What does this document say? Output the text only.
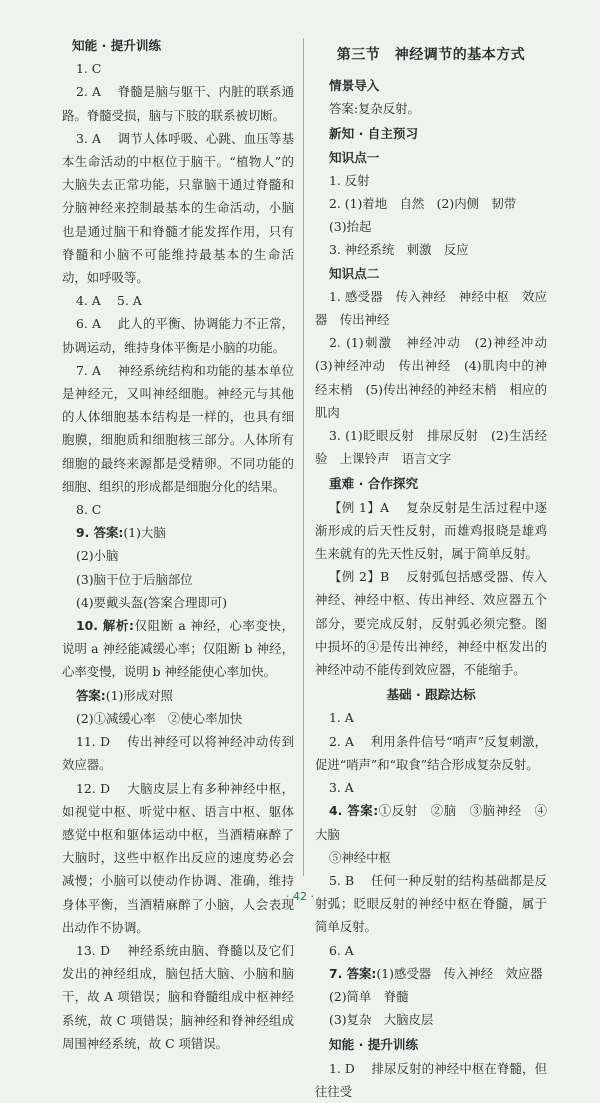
知能 · 提升训练

1. C

2. A 　脊髓是脑与躯干、内脏的联系通路。脊髓受损，脑与下肢的联系被切断。

3. A 　调节人体呼吸、心跳、血压等基本生命活动的中枢位于脑干。“植物人”的大脑失去正常功能，只靠脑干通过脊髓和分脑神经来控制最基本的生命活动，小脑也是通过脑干和脊髓才能发挥作用，只有脊髓和小脑不可能维持最基本的生命活动，如呼吸等。

4. A 　5. A

6. A 　此人的平衡、协调能力不正常，协调运动，维持身体平衡是小脑的功能。

7. A 　神经系统结构和功能的基本单位是神经元，又叫神经细胞。神经元与其他的人体细胞基本结构是一样的，也具有细胞膜，细胞质和细胞核三部分。人体所有细胞的最终来源都是受精卵。不同功能的细胞、组织的形成都是细胞分化的结果。

8. C

9. 答案:(1)大脑

(2)小脑

(3)脑干位于后脑部位

(4)要戴头盔(答案合理即可)

10. 解析:仅阻断 a 神经，心率变快，说明 a 神经能减缓心率；仅阻断 b 神经，心率变慢，说明 b 神经能使心率加快。

答案:(1)形成对照

(2)①减缓心率　②使心率加快

11. D 　传出神经可以将神经冲动传到效应器。

12. D 　大脑皮层上有多种神经中枢，如视觉中枢、听觉中枢、语言中枢、躯体感觉中枢和躯体运动中枢，当酒精麻醉了大脑时，这些中枢作出反应的速度势必会减慢；小脑可以使动作协调、准确，维持身体平衡，当酒精麻醉了小脑，人会表现出动作不协调。

13. D 　神经系统由脑、脊髓以及它们发出的神经组成，脑包括大脑、小脑和脑干，故 A 项错误；脑和脊髓组成中枢神经系统，故 C 项错误；脑神经和脊神经组成周围神经系统，故 C 项错误。

第三节　神经调节的基本方式

情景导入

答案:复杂反射。

新知 · 自主预习

知识点一

1. 反射

2. (1)着地　自然　(2)内侧　韧带

(3)抬起

3. 神经系统　刺激　反应

知识点二

1. 感受器　传入神经　神经中枢　效应器　传出神经

2. (1)刺激　神经冲动　(2)神经冲动　(3)神经冲动　传出神经　(4)肌肉中的神经末梢　(5)传出神经的神经末梢　相应的肌肉

3. (1)眨眼反射　排尿反射　(2)生活经验　上课铃声　语言文字

重难 · 合作探究

【例 1】A 　复杂反射是生活过程中逐渐形成的后天性反射，而雄鸡报晓是雄鸡生来就有的先天性反射，属于简单反射。

【例 2】B 　反射弧包括感受器、传入神经、神经中枢、传出神经、效应器五个部分，要完成反射，反射弧必须完整。图中损坏的④是传出神经，神经中枢发出的神经冲动不能传到效应器，不能缩手。

基础 · 跟踪达标

1. A

2. A 　利用条件信号“哨声”反复刺激，促进“哨声”和“取食”结合形成复杂反射。

3. A

4. 答案:①反射　②脑　③脑神经　④大脑

⑤神经中枢

5. B 　任何一种反射的结构基础都是反射弧；眨眼反射的神经中枢在脊髓，属于简单反射。

6. A

7. 答案:(1)感受器　传入神经　效应器

(2)简单　脊髓

(3)复杂　大脑皮层

知能 · 提升训练

1. D 　排尿反射的神经中枢在脊髓，但往往受

· 42 ·
